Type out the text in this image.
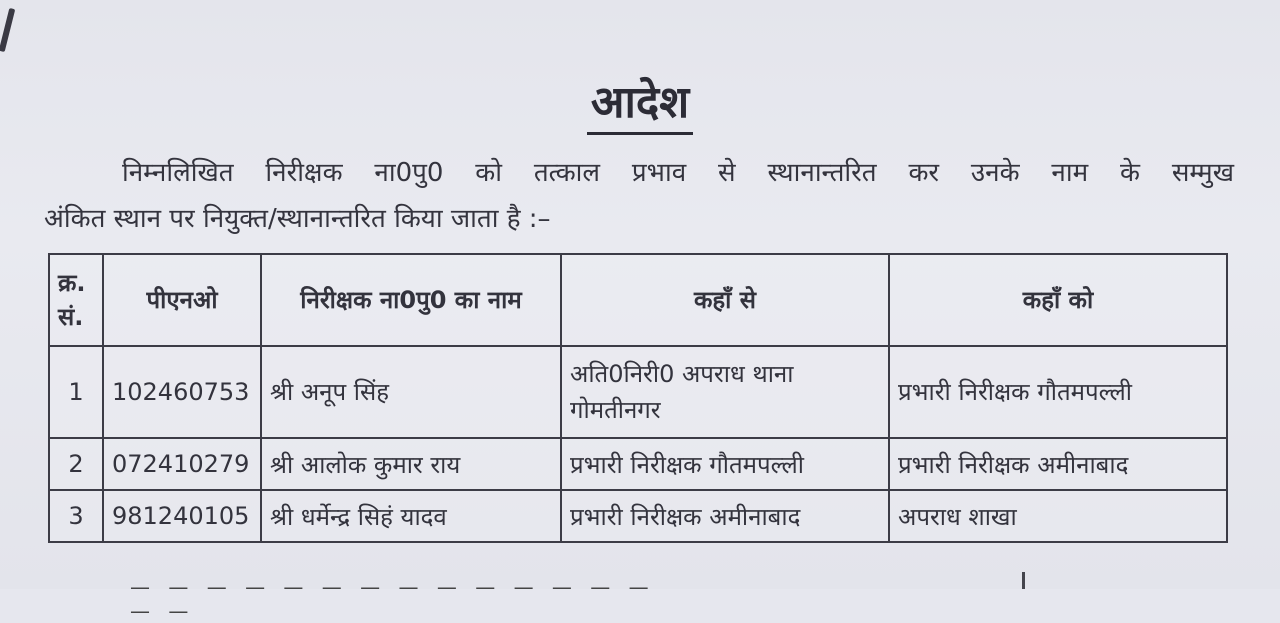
आदेश
निम्नलिखित निरीक्षक ना0पु0 को तत्काल प्रभाव से स्थानान्तरित कर उनके नाम के सम्मुख
अंकित स्थान पर नियुक्त/स्थानान्तरित किया जाता है :–
क्र. सं.	पीएनओ	निरीक्षक ना0पु0 का नाम	कहाँ से	कहाँ को
1	102460753	श्री अनूप सिंह	अति0निरी0 अपराध थाना गोमतीनगर	प्रभारी निरीक्षक गौतमपल्ली
2	072410279	श्री आलोक कुमार राय	प्रभारी निरीक्षक गौतमपल्ली	प्रभारी निरीक्षक अमीनाबाद
3	981240105	श्री धर्मेन्द्र सिहं यादव	प्रभारी निरीक्षक अमीनाबाद	अपराध शाखा
— — — — — — — — — — — — — — — —
